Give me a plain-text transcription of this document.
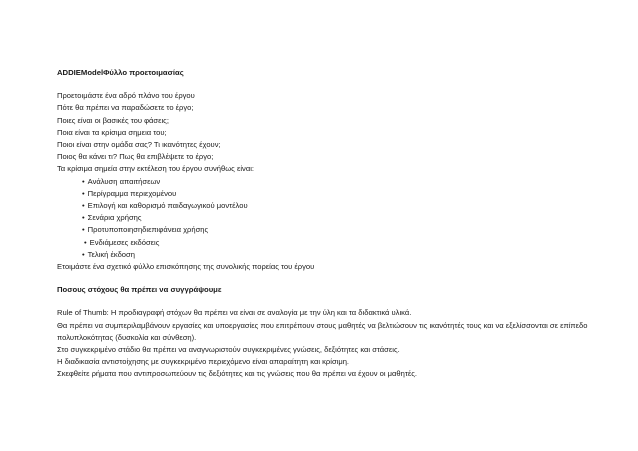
ADDIEModelΦύλλο προετοιμασίας

Προετοιμάστε ένα αδρό πλάνο του έργου

Πότε θα πρέπει να παραδώσετε το έργο;

Ποιες είναι οι βασικές του φάσεις;

Ποια είναι τα κρίσιμα σημεια του;

Ποιοι είναι στην ομάδα σας? Τι ικανότητες έχουν;

Ποιος θα κάνει τι? Πως θα επιβλέψετε το έργο;

Τα κρίσιμα σημεία στην εκτέλεση του έργου συνήθως είναι:

• Ανάλυση απαιτήσεων
• Περίγραμμα περιεχομένου
• Επιλογή και καθορισμό παιδαγωγικού μοντέλου
• Σενάρια χρήσης
• Προτυποποιησηδιεπιφάνεια χρήσης
• Ενδιάμεσες εκδόσεις
• Τελική έκδοση

Ετοιμάστε ένα σχετικό φύλλο επισκόπησης της συνολικής πορείας του έργου

Ποσους στόχους θα πρέπει να συγγράψουμε

Rule of Thumb: Η προδιαγραφή στόχων θα πρέπει να είναι σε αναλογία με την ύλη και τα διδακτικά υλικά.

Θα πρέπει να συμπεριλαμβάνουν εργασίες και υποεργασίες που επιτρέπουν στους μαθητές να βελτιώσουν τις ικανότητές τους και να εξελίσσονται σε επίπεδο πολυπλοκότητας (δυσκολία και σύνθεση).

Στο συγκεκριμένο στάδιο θα πρέπει να αναγνωριστούν συγκεκριμένες γνώσεις, δεξιότητες και στάσεις.

Η διαδικασία αντιστοίχησης με συγκεκριμένο περιεχόμενο είναι απαραίτητη και κρίσιμη.

Σκεφθείτε ρήματα που αντιπροσωπεύουν τις δεξιότητες και τις γνώσεις που θα πρέπει να έχουν οι μαθητές.
